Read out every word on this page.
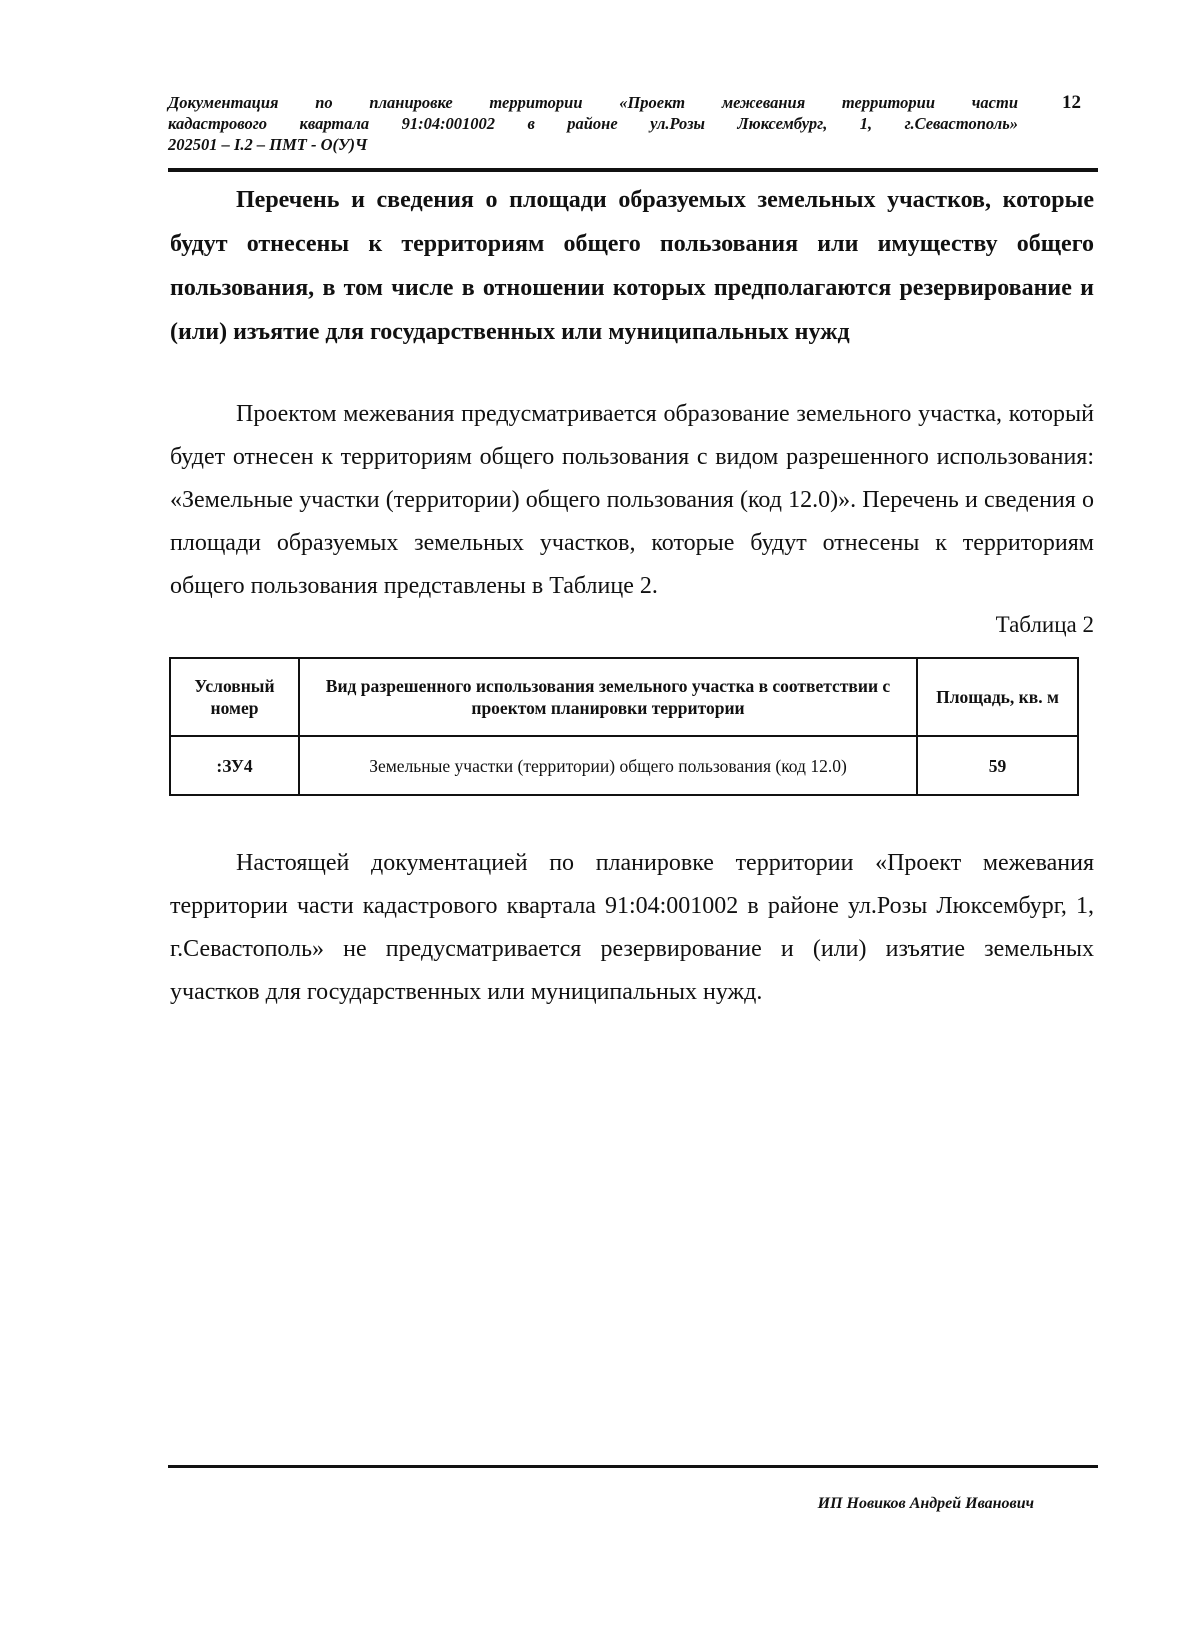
Документация по планировке территории «Проект межевания территории части
кадастрового квартала 91:04:001002 в районе ул.Розы Люксембург, 1, г.Севастополь»
202501 – I.2 – ПМТ - О(У)Ч
12
Перечень и сведения о площади образуемых земельных участков, которые будут отнесены к территориям общего пользования или имуществу общего пользования, в том числе в отношении которых предполагаются резервирование и (или) изъятие для государственных или муниципальных нужд
Проектом межевания предусматривается образование земельного участка, который будет отнесен к территориям общего пользования с видом разрешенного использования: «Земельные участки (территории) общего пользования (код 12.0)». Перечень и сведения о площади образуемых земельных участков, которые будут отнесены к территориям общего пользования представлены в Таблице 2.
Таблица 2
Условный номер	Вид разрешенного использования земельного участка в соответствии с проектом планировки территории	Площадь, кв. м
:ЗУ4	Земельные участки (территории) общего пользования (код 12.0)	59
Настоящей документацией по планировке территории «Проект межевания территории части кадастрового квартала 91:04:001002 в районе ул.Розы Люксембург, 1, г.Севастополь» не предусматривается резервирование и (или) изъятие земельных участков для государственных или муниципальных нужд.
ИП Новиков Андрей Иванович
